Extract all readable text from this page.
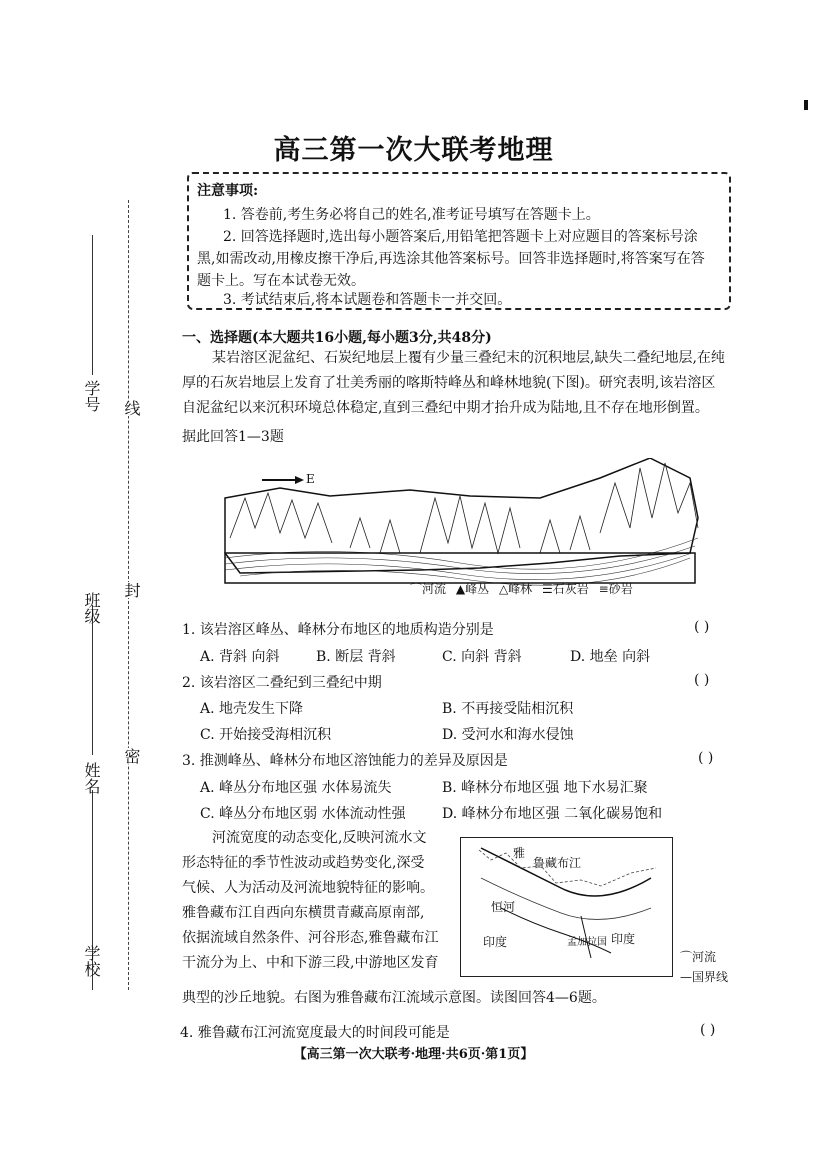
学校
姓名
班级
学号
密
封
线
高三第一次大联考地理
注意事项:
1. 答卷前,考生务必将自己的姓名,准考证号填写在答题卡上。
2. 回答选择题时,选出每小题答案后,用铅笔把答题卡上对应题目的答案标号涂
黑,如需改动,用橡皮擦干净后,再选涂其他答案标号。回答非选择题时,将答案写在答
题卡上。写在本试卷无效。
3. 考试结束后,将本试题卷和答题卡一并交回。
一、选择题(本大题共16小题,每小题3分,共48分)
某岩溶区泥盆纪、石炭纪地层上覆有少量三叠纪末的沉积地层,缺失二叠纪地层,在纯
厚的石灰岩地层上发育了壮美秀丽的喀斯特峰丛和峰林地貌(下图)。研究表明,该岩溶区
自泥盆纪以来沉积环境总体稳定,直到三叠纪中期才抬升成为陆地,且不存在地形倒置。
据此回答1—3题
E
⌒河流 ▲峰丛 △峰林 ☰石灰岩 ≡砂岩
1. 该岩溶区峰丛、峰林分布地区的地质构造分别是	( )
A. 背斜 向斜	B. 断层 背斜	C. 向斜 背斜	D. 地垒 向斜
2. 该岩溶区二叠纪到三叠纪中期	( )
A. 地壳发生下降	B. 不再接受陆相沉积
C. 开始接受海相沉积	D. 受河水和海水侵蚀
3. 推测峰丛、峰林分布地区溶蚀能力的差异及原因是	( )
A. 峰丛分布地区强 水体易流失	B. 峰林分布地区强 地下水易汇聚
C. 峰丛分布地区弱 水体流动性强	D. 峰林分布地区强 二氧化碳易饱和
河流宽度的动态变化,反映河流水文
形态特征的季节性波动或趋势变化,深受
气候、人为活动及河流地貌特征的影响。
雅鲁藏布江自西向东横贯青藏高原南部,
依据流域自然条件、河谷形态,雅鲁藏布江
干流分为上、中和下游三段,中游地区发育
典型的沙丘地貌。右图为雅鲁藏布江流域示意图。读图回答4—6题。
雅
鲁藏布江
恒河
印度	孟加拉国 印度
⌒河流
—国界线
4. 雅鲁藏布江河流宽度最大的时间段可能是	( )
【高三第一次大联考·地理·共6页·第1页】
